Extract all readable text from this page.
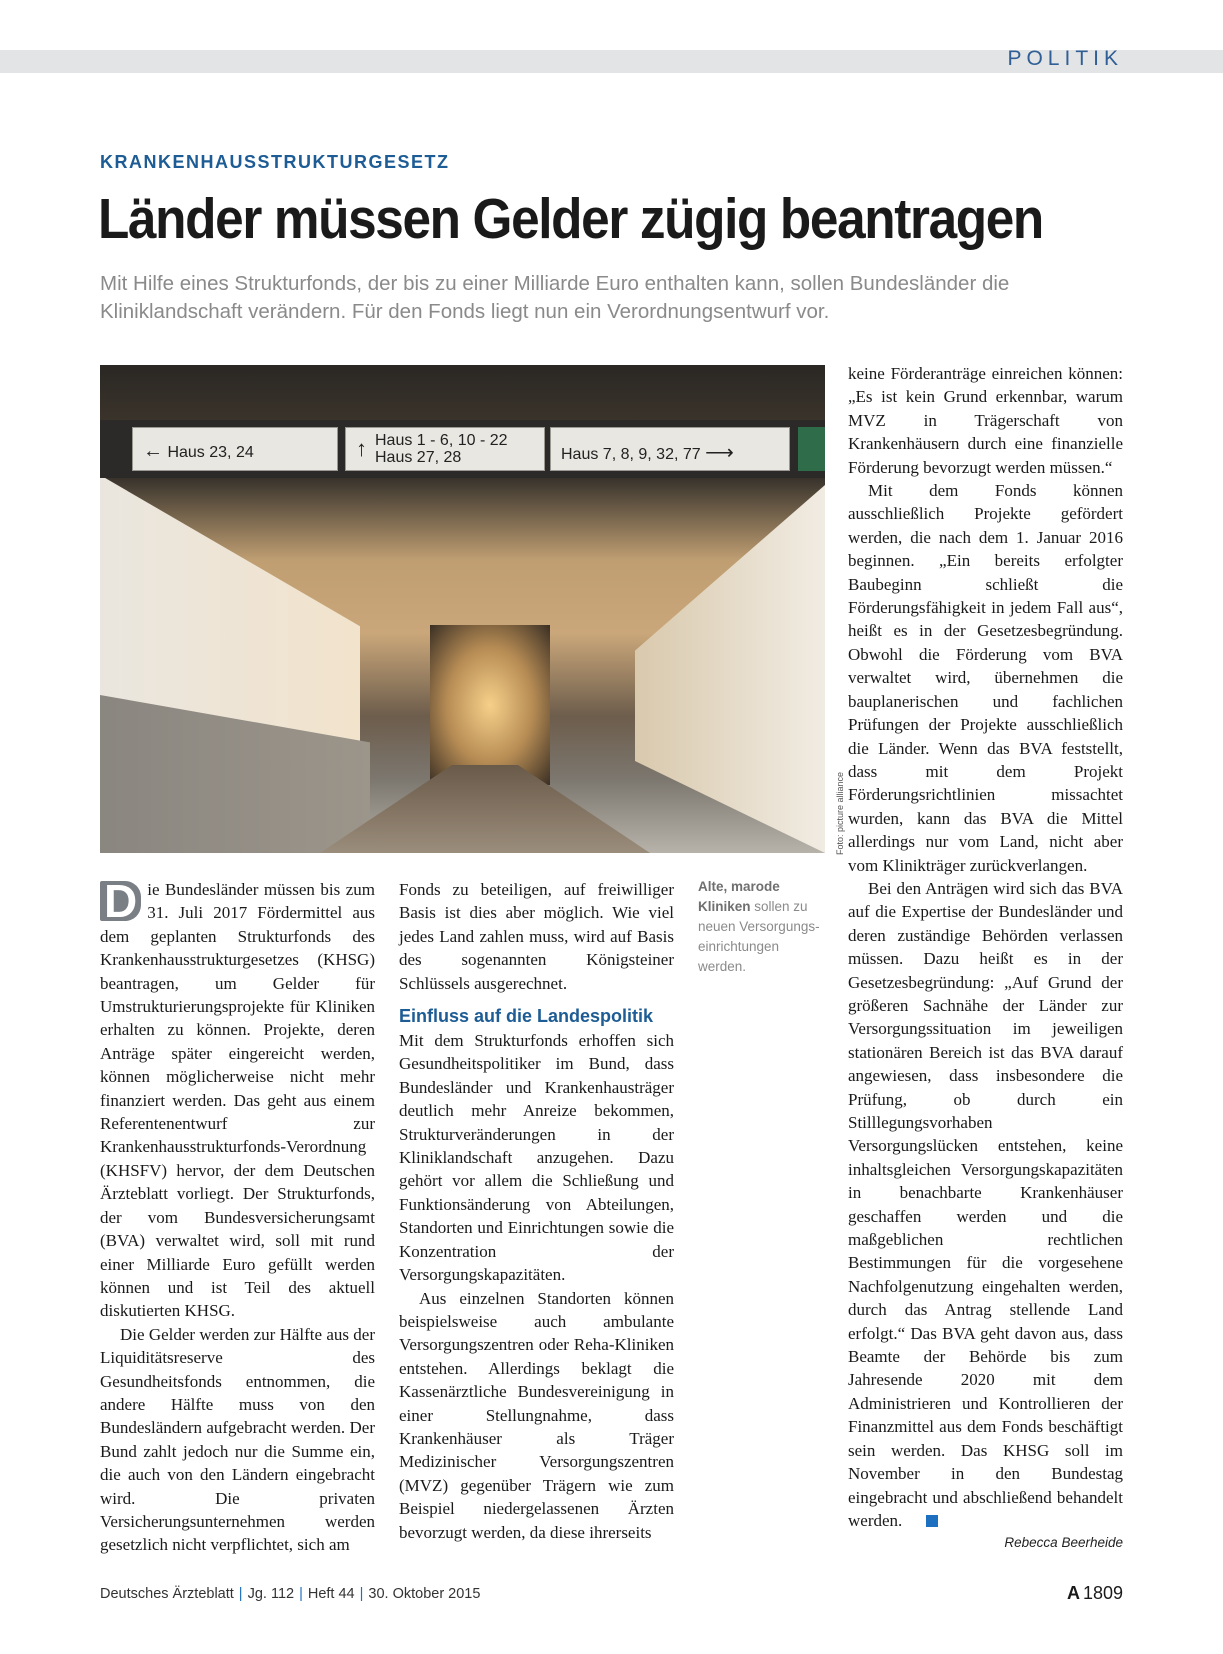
POLITIK
KRANKENHAUSSTRUKTURGESETZ
Länder müssen Gelder zügig beantragen
Mit Hilfe eines Strukturfonds, der bis zu einer Milliarde Euro enthalten kann, sollen Bundesländer die Kliniklandschaft verändern. Für den Fonds liegt nun ein Verordnungsentwurf vor.
← Haus 23, 24	↑ Haus 1 - 6, 10 - 22
Haus 27, 28	Haus 7, 8, 9, 32, 77 ⟶
Foto: picture alliance

D ie Bundesländer müssen bis zum 31. Juli 2017 Fördermittel aus dem geplanten Strukturfonds des Krankenhausstrukturgesetzes (KHSG) beantragen, um Gelder für Umstrukturierungsprojekte für Kliniken erhalten zu können. Projekte, deren Anträge später eingereicht werden, können möglicherweise nicht mehr finanziert werden. Das geht aus einem Referentenentwurf zur Krankenhausstrukturfonds-Verordnung (KHSFV) hervor, der dem Deutschen Ärzteblatt vorliegt. Der Strukturfonds, der vom Bundesversicherungsamt (BVA) verwaltet wird, soll mit rund einer Milliarde Euro gefüllt werden können und ist Teil des aktuell diskutierten KHSG.

Die Gelder werden zur Hälfte aus der Liquiditätsreserve des Gesundheitsfonds entnommen, die andere Hälfte muss von den Bundesländern aufgebracht werden. Der Bund zahlt jedoch nur die Summe ein, die auch von den Ländern eingebracht wird. Die privaten Versicherungsunternehmen werden gesetzlich nicht verpflichtet, sich am

Fonds zu beteiligen, auf freiwilliger Basis ist dies aber möglich. Wie viel jedes Land zahlen muss, wird auf Basis des sogenannten Königsteiner Schlüssels ausgerechnet.

Einfluss auf die Landespolitik

Mit dem Strukturfonds erhoffen sich Gesundheitspolitiker im Bund, dass Bundesländer und Krankenhausträger deutlich mehr Anreize bekommen, Strukturveränderungen in der Kliniklandschaft anzugehen. Dazu gehört vor allem die Schließung und Funktionsänderung von Abteilungen, Standorten und Einrichtungen sowie die Konzentration der Versorgungskapazitäten.

Aus einzelnen Standorten können beispielsweise auch ambulante Versorgungszentren oder Reha-Kliniken entstehen. Allerdings beklagt die Kassenärztliche Bundesvereinigung in einer Stellungnahme, dass Krankenhäuser als Träger Medizinischer Versorgungszentren (MVZ) gegenüber Trägern wie zum Beispiel niedergelassenen Ärzten bevorzugt werden, da diese ihrerseits

Alte, marode Kliniken sollen zu neuen Versorgungseinrichtungen werden.

keine Förderanträge einreichen können: „Es ist kein Grund erkennbar, warum MVZ in Trägerschaft von Krankenhäusern durch eine finanzielle Förderung bevorzugt werden müssen.“

Mit dem Fonds können ausschließlich Projekte gefördert werden, die nach dem 1. Januar 2016 beginnen. „Ein bereits erfolgter Baubeginn schließt die Förderungsfähigkeit in jedem Fall aus“, heißt es in der Gesetzesbegründung. Obwohl die Förderung vom BVA verwaltet wird, übernehmen die bauplanerischen und fachlichen Prüfungen der Projekte ausschließlich die Länder. Wenn das BVA feststellt, dass mit dem Projekt Förderungsrichtlinien missachtet wurden, kann das BVA die Mittel allerdings nur vom Land, nicht aber vom Klinikträger zurückverlangen.

Bei den Anträgen wird sich das BVA auf die Expertise der Bundesländer und deren zuständige Behörden verlassen müssen. Dazu heißt es in der Gesetzesbegründung: „Auf Grund der größeren Sachnähe der Länder zur Versorgungssituation im jeweiligen stationären Bereich ist das BVA darauf angewiesen, dass insbesondere die Prüfung, ob durch ein Stilllegungsvorhaben Versorgungslücken entstehen, keine inhaltsgleichen Versorgungskapazitäten in benachbarte Krankenhäuser geschaffen werden und die maßgeblichen rechtlichen Bestimmungen für die vorgesehene Nachfolgenutzung eingehalten werden, durch das Antrag stellende Land erfolgt.“ Das BVA geht davon aus, dass Beamte der Behörde bis zum Jahresende 2020 mit dem Administrieren und Kontrollieren der Finanzmittel aus dem Fonds beschäftigt sein werden. Das KHSG soll im November in den Bundestag eingebracht und abschließend behandelt werden.

Rebecca Beerheide
Deutsches Ärzteblatt | Jg. 112 | Heft 44 | 30. Oktober 2015	A 1809
